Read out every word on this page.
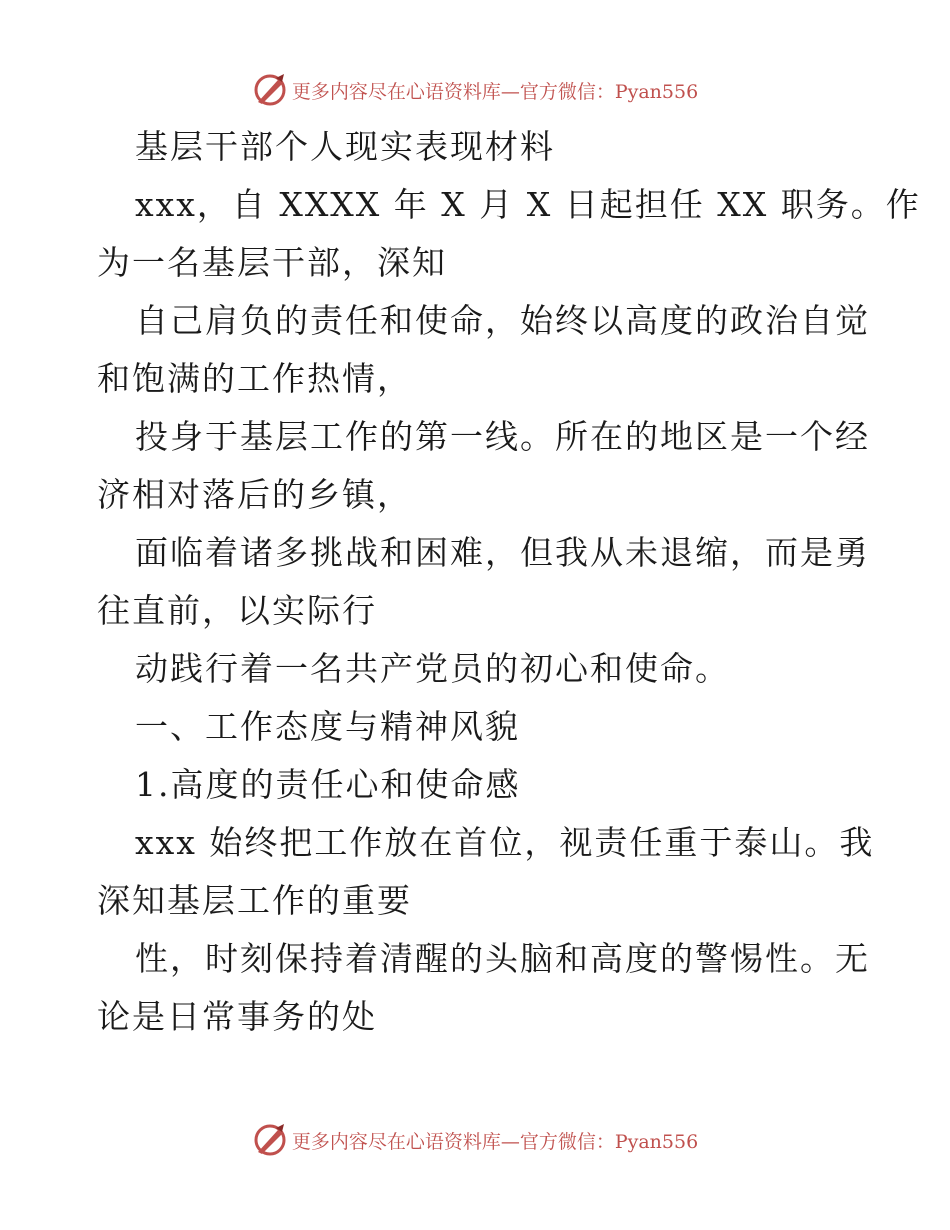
更多内容尽在心语资料库—官方微信：Pyan556
基层干部个人现实表现材料
xxx，自 XXXX 年 X 月 X 日起担任 XX 职务。作
为一名基层干部，深知
自己肩负的责任和使命，始终以高度的政治自觉
和饱满的工作热情，
投身于基层工作的第一线。所在的地区是一个经
济相对落后的乡镇，
面临着诸多挑战和困难，但我从未退缩，而是勇
往直前，以实际行
动践行着一名共产党员的初心和使命。
一、工作态度与精神风貌
1.高度的责任心和使命感
xxx 始终把工作放在首位，视责任重于泰山。我
深知基层工作的重要
性，时刻保持着清醒的头脑和高度的警惕性。无
论是日常事务的处
更多内容尽在心语资料库—官方微信：Pyan556
